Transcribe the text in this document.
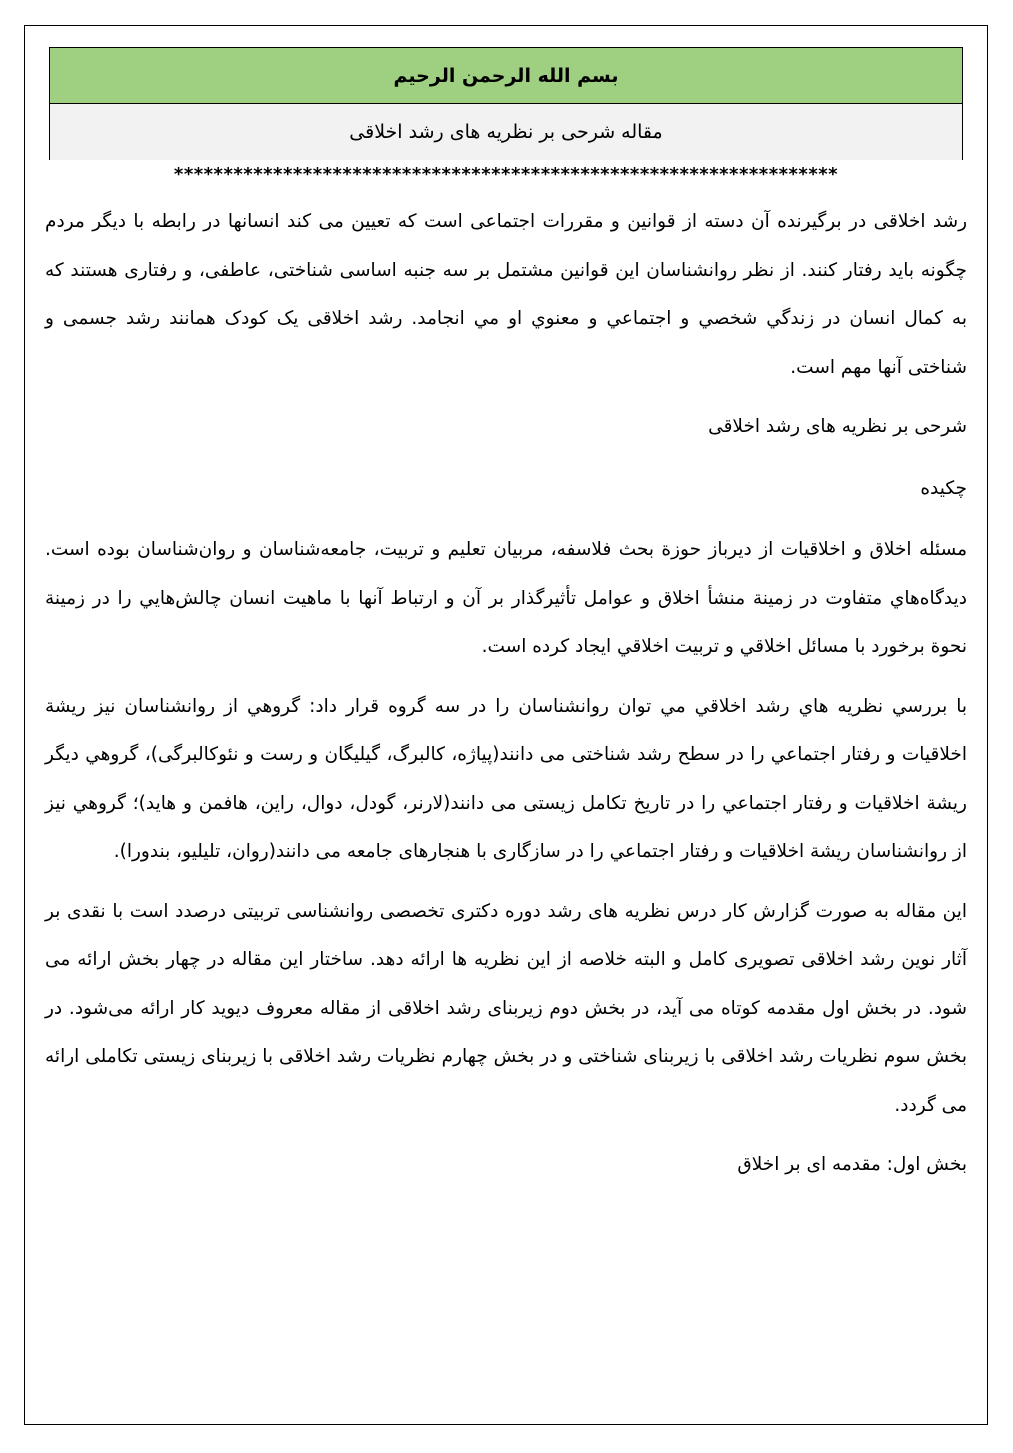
بسم الله الرحمن الرحيم
مقاله شرحی بر نظریه های رشد اخلاقی
*******************************************************************

رشد اخلاقی در برگیرنده آن دسته از قوانین و مقررات اجتماعی است که تعیین می کند انسانها در رابطه با دیگر مردم چگونه باید رفتار کنند. از نظر روانشناسان این قوانین مشتمل بر سه جنبه اساسی شناختی، عاطفی، و رفتاری هستند که به کمال انسان در زندگي شخصي و اجتماعي و معنوي او مي انجامد. رشد اخلاقی یک کودک همانند رشد جسمی و شناختی آنها مهم است.

شرحی بر نظریه های رشد اخلاقی

چکیده

مسئله اخلاق و اخلاقيات از ديرباز حوزة بحث فلاسفه، مربيان تعليم و تربيت، جامعه‌شناسان و روان‌شناسان بوده است. ديدگاه‌هاي متفاوت در زمينة منشأ اخلاق و عوامل تأثيرگذار بر آن و ارتباط آنها با ماهيت انسان چالش‌هايي را در زمينة نحوة برخورد با مسائل اخلاقي و تربيت اخلاقي ايجاد کرده است.

با بررسي نظريه هاي رشد اخلاقي مي توان روانشناسان را در سه گروه قرار داد: گروهي از روانشناسان نیز ريشة اخلاقيات و رفتار اجتماعي را در سطح رشد شناختی می دانند(پیاژه، کالبرگ، گیلیگان و رست و نئوکالبرگی)، گروهي ديگر ريشة اخلاقيات و رفتار اجتماعي را در تاریخ تکامل زیستی می دانند(لارنر، گودل، دوال، راین، هافمن و هاید)؛ گروهي نيز از روانشناسان ريشة اخلاقيات و رفتار اجتماعي را در سازگاری با هنجارهای جامعه می دانند(روان، تلیلیو، بندورا).

این مقاله به صورت گزارش کار درس نظریه های رشد دوره دکتری تخصصی روانشناسی تربیتی درصدد است با نقدی بر آثار نوین رشد اخلاقی تصویری کامل و البته خلاصه از این نظریه ها ارائه دهد. ساختار این مقاله در چهار بخش ارائه می شود. در بخش اول مقدمه کوتاه می آید، در بخش دوم زیربنای رشد اخلاقی از مقاله معروف دیوید کار ارائه می‌شود. در بخش سوم نظریات رشد اخلاقی با زیربنای شناختی و در بخش چهارم نظریات رشد اخلاقی با زیربنای زیستی تکاملی ارائه می گردد.

بخش اول: مقدمه ای بر اخلاق
